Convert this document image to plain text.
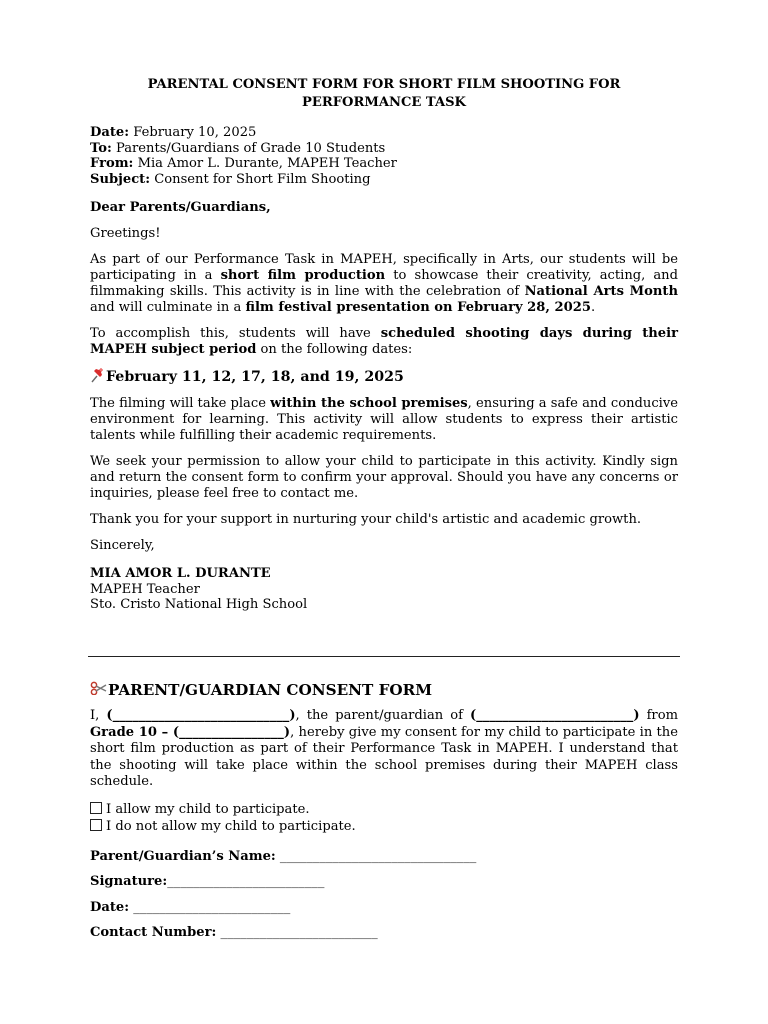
PARENTAL CONSENT FORM FOR SHORT FILM SHOOTING FOR
PERFORMANCE TASK
Date: February 10, 2025
To: Parents/Guardians of Grade 10 Students
From: Mia Amor L. Durante, MAPEH Teacher
Subject: Consent for Short Film Shooting

Dear Parents/Guardians,

Greetings!

As part of our Performance Task in MAPEH, specifically in Arts, our students will be participating in a short film production to showcase their creativity, acting, and filmmaking skills. This activity is in line with the celebration of National Arts Month and will culminate in a film festival presentation on February 28, 2025.

To accomplish this, students will have scheduled shooting days during their MAPEH subject period on the following dates:

February 11, 12, 17, 18, and 19, 2025

The filming will take place within the school premises, ensuring a safe and conducive environment for learning. This activity will allow students to express their artistic talents while fulfilling their academic requirements.

We seek your permission to allow your child to participate in this activity. Kindly sign and return the consent form to confirm your approval. Should you have any concerns or inquiries, please feel free to contact me.

Thank you for your support in nurturing your child's artistic and academic growth.

Sincerely,

MIA AMOR L. DURANTE
MAPEH Teacher
Sto. Cristo National High School
PARENT/GUARDIAN CONSENT FORM

I, (___________________________), the parent/guardian of (________________________) from Grade 10 – (________________), hereby give my consent for my child to participate in the short film production as part of their Performance Task in MAPEH. I understand that the shooting will take place within the school premises during their MAPEH class schedule.

I allow my child to participate.
I do not allow my child to participate.
Parent/Guardian’s Name: ______________________________
Signature:________________________
Date: ________________________
Contact Number: ________________________
